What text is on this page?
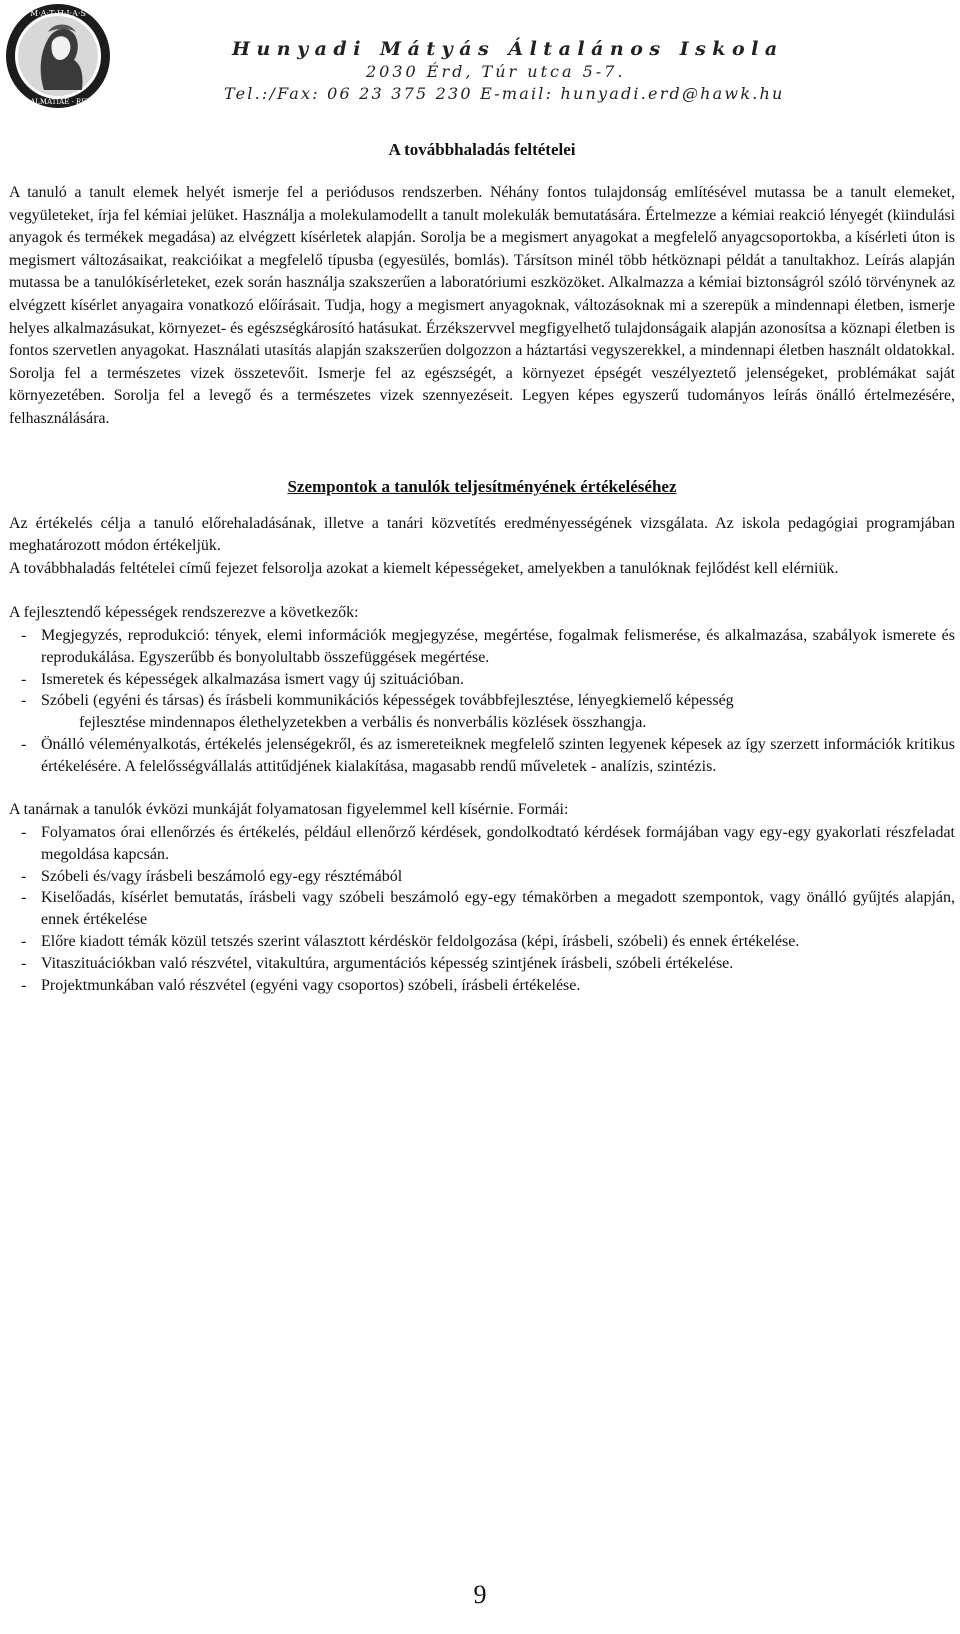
M·A·T·H·I·A·S
DALMATIAE · REX
Hunyadi Mátyás Általános Iskola
2030 Érd, Túr utca 5-7.
Tel.:/Fax: 06 23 375 230 E-mail: hunyadi.erd@hawk.hu
A továbbhaladás feltételei

A tanuló a tanult elemek helyét ismerje fel a periódusos rendszerben. Néhány fontos tulajdonság említésével mutassa be a tanult elemeket, vegyületeket, írja fel kémiai jelüket. Használja a molekulamodellt a tanult molekulák bemutatására. Értelmezze a kémiai reakció lényegét (kiindulási anyagok és termékek megadása) az elvégzett kísérletek alapján. Sorolja be a megismert anyagokat a megfelelő anyagcsoportokba, a kísérleti úton is megismert változásaikat, reakcióikat a megfelelő típusba (egyesülés, bomlás). Társítson minél több hétköznapi példát a tanultakhoz. Leírás alapján mutassa be a tanulókísérleteket, ezek során használja szakszerűen a laboratóriumi eszközöket. Alkalmazza a kémiai biztonságról szóló törvénynek az elvégzett kísérlet anyagaira vonatkozó előírásait. Tudja, hogy a megismert anyagoknak, változásoknak mi a szerepük a mindennapi életben, ismerje helyes alkalmazásukat, környezet- és egészségkárosító hatásukat. Érzékszervvel megfigyelhető tulajdonságaik alapján azonosítsa a köznapi életben is fontos szervetlen anyagokat. Használati utasítás alapján szakszerűen dolgozzon a háztartási vegyszerekkel, a mindennapi életben használt oldatokkal. Sorolja fel a természetes vizek összetevőit. Ismerje fel az egészségét, a környezet épségét veszélyeztető jelenségeket, problémákat saját környezetében. Sorolja fel a levegő és a természetes vizek szennyezéseit. Legyen képes egyszerű tudományos leírás önálló értelmezésére, felhasználására.

Szempontok a tanulók teljesítményének értékeléséhez

Az értékelés célja a tanuló előrehaladásának, illetve a tanári közvetítés eredményességének vizsgálata. Az iskola pedagógiai programjában meghatározott módon értékeljük.

A továbbhaladás feltételei című fejezet felsorolja azokat a kiemelt képességeket, amelyekben a tanulóknak fejlődést kell elérniük.

A fejlesztendő képességek rendszerezve a következők:

- Megjegyzés, reprodukció: tények, elemi információk megjegyzése, megértése, fogalmak felismerése, és alkalmazása, szabályok ismerete és reprodukálása. Egyszerűbb és bonyolultabb összefüggések megértése.
- Ismeretek és képességek alkalmazása ismert vagy új szituációban.
- Szóbeli (egyéni és társas) és írásbeli kommunikációs képességek továbbfejlesztése, lényegkiemelő képesség
fejlesztése mindennapos élethelyzetekben a verbális és nonverbális közlések összhangja.
- Önálló véleményalkotás, értékelés jelenségekről, és az ismereteiknek megfelelő szinten legyenek képesek az így szerzett információk kritikus értékelésére. A felelősségvállalás attitűdjének kialakítása, magasabb rendű műveletek - analízis, szintézis.

A tanárnak a tanulók évközi munkáját folyamatosan figyelemmel kell kísérnie. Formái:

- Folyamatos órai ellenőrzés és értékelés, például ellenőrző kérdések, gondolkodtató kérdések formájában vagy egy-egy gyakorlati részfeladat megoldása kapcsán.
- Szóbeli és/vagy írásbeli beszámoló egy-egy résztémából
- Kiselőadás, kísérlet bemutatás, írásbeli vagy szóbeli beszámoló egy-egy témakörben a megadott szempontok, vagy önálló gyűjtés alapján, ennek értékelése
- Előre kiadott témák közül tetszés szerint választott kérdéskör feldolgozása (képi, írásbeli, szóbeli) és ennek értékelése.
- Vitaszituációkban való részvétel, vitakultúra, argumentációs képesség szintjének írásbeli, szóbeli értékelése.
- Projektmunkában való részvétel (egyéni vagy csoportos) szóbeli, írásbeli értékelése.
9
